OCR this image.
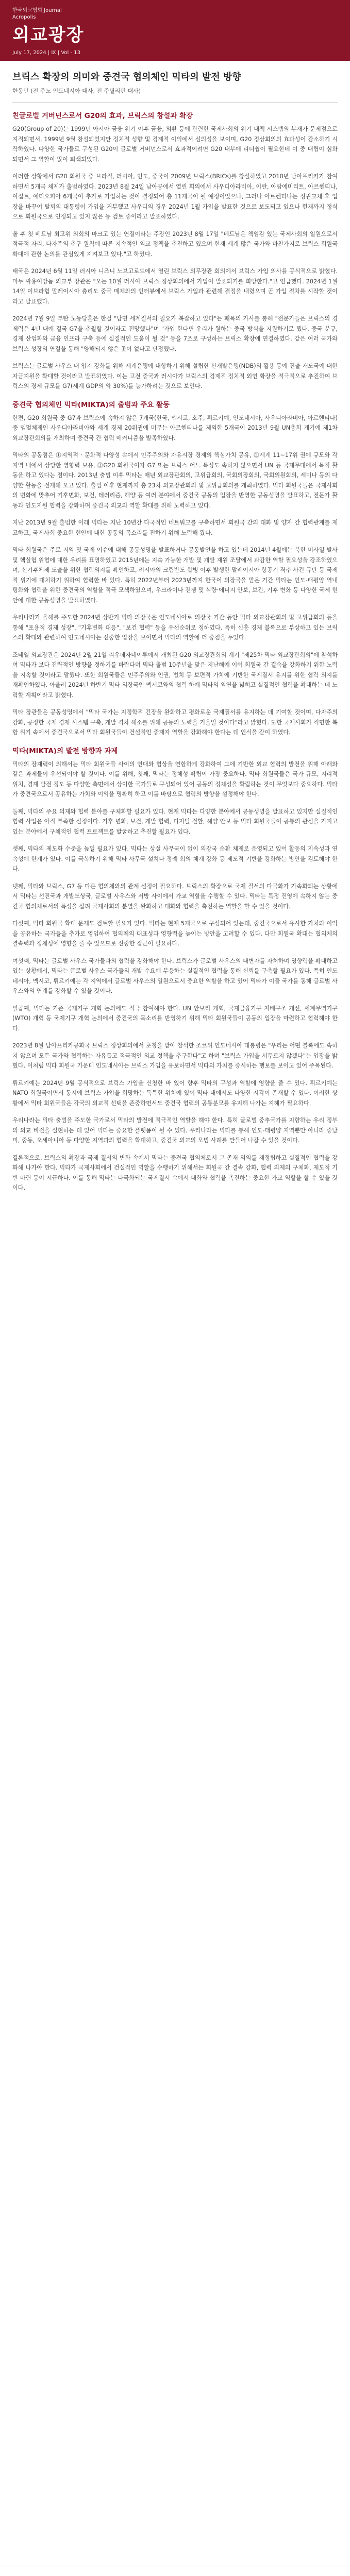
한국외교협회 Journal
Acropolis
외교광장
July 17, 2024 | Ⅸ | Vol - 13
브릭스 확장의 의미와 중견국 협의체인 믹타의 발전 방향
한동만 (전 주노 인도네시아 대사, 전 주필리핀 대사)
친글로벌 거버넌스로서 G20의 효과, 브릭스의 창설과 확장

G20(Group of 20)는 1999년 아시아 금융 위기 이후 금융, 외환 등에 관련한 국제사회의 위기 대책 시스템의 부재가 문제점으로 지적되면서, 1999년 9월 창설되었지만 정치적 성향 및 경제적 이익에서 심의성을 보이며, G20 정상회의의 효과성이 감소하기 시작하였다. 다양한 국가들로 구성된 G20이 글로벌 거버넌스로서 효과적이려면 G20 내부에 리더쉽이 필요한데 이 중 대립이 심화되면서 그 역할이 많이 퇴색되었다.

이러한 상황에서 G20 회원국 중 브라질, 러시아, 인도, 중국이 2009년 브릭스(BRICs)를 창설하였고 2010년 남아프리카가 참여하면서 5개국 체제가 출범하였다. 2023년 8월 24일 남아공에서 열린 회의에서 사우디아라비아, 이란, 아랍에미리트, 아르헨티나, 이집트, 에티오피아 6개국이 추가로 가입하는 것이 결정되어 총 11개국이 될 예정이었으나, 그러나 아르헨티나는 정권교체 후 입장을 바꾸어 탈퇴의 대통령이 가입을 거부했고 사우디의 경우 2024년 1월 가입을 발표한 것으로 보도되고 있으나 현재까지 정식으로 회원국으로 인정되고 있지 않은 등 검토 중이라고 발표하였다.

올 후 첫 베트남 최고위 의회의 마크고 있는 연결이라는 주장인 2023년 8월 17일 "베트남은 책임감 있는 국제사회의 일원으로서 적극적 자리, 다자주의 추구 원칙에 따른 지속적인 외교 정책을 추진하고 있으며 현재 세계 많은 국가와 마찬가지로 브릭스 회원국 확대에 관한 논의를 관심있게 지켜보고 있다."고 하였다.

태국은 2024년 6월 11일 러시아 니즈니 노브고로드에서 열린 브릭스 외무장관 회의에서 브릭스 가입 의사를 공식적으로 밝혔다. 마두 싸용이앙돔 외교부 장관은 "오는 10월 러시아 브릭스 정상회의에서 가입이 발표되기를 희망한다."고 언급했다. 2024년 1월 14일 이브라힘 말레이시아 총리도 중국 매체와의 인터뷰에서 브릭스 가입과 관련해 결정을 내렸으며 곧 가입 절차를 시작할 것이라고 발표했다.

2024년 7월 9일 부탄 노동당혼은 한걸 "남면 세계질서의 필요가 복잡하고 있다"는 패목의 가사를 통해 "전문가들은 브릭스의 경제력은 4년 내에 결국 G7을 추월할 것이라고 전망했다"며 "가입 한다면 우리가 원하는 중국 방식을 지원하기로 했다. 중국 분규, 경제 산업화와 금융 인프라 구축 등에 실질적인 도움이 될 것" 등을 7조로 구성하는 브릭스 확장에 연결하였다. 같은 여러 국가와 브릭스 성장의 연결을 통해 "양해되지 않은 곳이 없다고 단정했다.

브릭스는 글로벌 사우스 내 입지 강화를 위해 세계은행에 대항하기 위해 설립한 신개발은행(NDB)의 활용 등에 진출 개도국에 대한 자금지원을 확대할 것이라고 발표하였다. 이는 고전 중국과 러시아가 브릭스의 경제적 정치적 외연 확장을 적극적으로 추진하여 브릭스의 경제 규모를 G7(세계 GDP의 약 30%)를 능가하려는 것으로 보인다.

중견국 협의체인 믹타(MIKTA)의 출범과 주요 활동

한편, G20 회원국 중 G7과 브릭스에 속하지 않은 7개국(한국, 멕시코, 호주, 튀르키예, 인도네시아, 사우디아라비아, 아르헨티나) 중 멤멀체제인 사우디아라비아와 세계 경제 20위권에 머무는 아르헨티나를 제외한 5개국이 2013년 9월 UN총회 계기에 제1차 외교장관회의를 개최하며 중견국 간 협력 메커니즘을 발족하였다.

믹타의 공동점은 ⓵지역적 · 문화적 다양성 속에서 민주주의와 자유시장 경제의 핵심가치 공유, ⓶세계 11~17위 권에 규모와 각 지역 내에서 상당한 영향력 보유, ⓷G20 회원국이자 G7 또는 브릭스 어느 특성도 속하지 않으면서 UN 등 국제무대에서 목적 활동을 하고 있다는 점이다. 2013년 출범 이후 믹타는 매년 외교장관회의, 고위급회의, 국회의장회의, 국회의원회의, 세미나 등의 다양한 활동을 전개해 오고 있다. 출범 이후 현재까지 총 23차 외교장관회의 및 고위급회의를 개최하였다. 믹타 회원국들은 국제사회의 변화에 맞추어 기후변화, 보건, 테러리즘, 해양 등 여러 분야에서 중견국 공동의 입장을 반영한 공동성명을 발표하고, 전문가 활동과 인도지원 협력을 강화하며 중견국 외교의 역할 확대를 위해 노력하고 있다.

지난 2013년 9월 출범한 이래 믹타는 지난 10년간 다국적인 네트워크를 구축하면서 회원국 간의 대화 및 양자 간 협력관계를 제고하고, 국제사회 중요한 현안에 대한 공통의 목소리를 전하기 위해 노력해 왔다.

믹타 회원국은 주로 지역 및 국제 이슈에 대해 공동성명을 발표하거나 공동발언을 하고 있는데 2014년 4월에는 북한 미사일 발사 및 핵실험 위협에 대한 우려를 표명하였고 2015년에는 지속 가능한 개발 및 개발 재원 조달에서 과감한 역할 필요성을 강조하였으며, 신기후체제 도출을 위한 협력의지를 확인하고, 러시아의 크림반도 합병 이후 발생한 말레이시아 항공기 격추 사건 규탄 등 국제적 위기에 대처하기 위하여 협력한 바 있다. 특히 2022년부터 2023년까지 한국이 의장국을 맡은 기간 믹타는 인도-태평양 역내 평화와 협력을 위한 중견국의 역할을 적극 모색하였으며, 우크라이나 전쟁 및 식량·에너지 안보, 보건, 기후 변화 등 다양한 국제 현안에 대한 공동성명을 발표하였다.

우리나라가 올해를 주도한 2024년 상반기 믹타 의장국은 인도네시아로 의장국 기간 동안 믹타 외교장관회의 및 고위급회의 등을 통해 "포용적 경제 성장", "기후변화 대응", "보건 협력" 등을 우선순위로 정하였다. 특히 신흥 경제 블록으로 부상하고 있는 브릭스의 확대와 관련하여 인도네시아는 신중한 입장을 보이면서 믹타의 역할에 더 중점을 두었다.

조태열 외교장관은 2024년 2월 21일 리우데자네이루에서 개최된 G20 외교장관회의 계기 "제25차 믹타 외교장관회의"에 참석하여 믹타가 보다 전략적인 방향을 정하기를 바란다며 믹타 출범 10주년을 맞은 지난해에 이어 회원국 간 결속을 강화하기 위한 노력을 지속할 것이라고 말했다. 또한 회원국들은 민주주의와 인권, 법치 등 보편적 가치에 기반한 국제질서 유지를 위한 협력 의지를 재확인하였다. 아울러 2024년 하반기 믹타 의장국인 멕시코와의 협력 하에 믹타의 외연을 넓히고 실질적인 협력을 확대하는 데 노력할 계획이라고 밝혔다.

믹타 장관들은 공동성명에서 "믹타 국가는 지정학적 긴장을 완화하고 평화로운 국제질서를 유지하는 데 기여할 것이며, 다자주의 강화, 공정한 국제 경제 시스템 구축, 개발 격차 해소를 위해 공동의 노력을 기울일 것이다"라고 밝혔다. 또한 국제사회가 직면한 복합 위기 속에서 중견국으로서 믹타 회원국들이 건설적인 중재자 역할을 강화해야 한다는 데 인식을 같이 하였다.

믹타(MIKTA)의 발전 방향과 과제

믹타의 잠재력이 의해서는 믹타 회원국들 사이의 연대와 협상을 연합하게 강화하여 그에 기반한 외교 협력의 발전을 위해 아래와 같은 과제들이 우선되어야 할 것이다. 이를 위해, 첫째, 믹타는 정체성 확립이 가장 중요하다. 믹타 회원국들은 국가 규모, 지리적 위치, 경제 발전 정도 등 다양한 측면에서 상이한 국가들로 구성되어 있어 공동의 정체성을 확립하는 것이 무엇보다 중요하다. 믹타가 중견국으로서 공유하는 가치와 이익을 명확히 하고 이를 바탕으로 협력의 방향을 설정해야 한다.

둘째, 믹타의 주요 의제와 협력 분야를 구체화할 필요가 있다. 현재 믹타는 다양한 분야에서 공동성명을 발표하고 있지만 실질적인 협력 사업은 아직 부족한 실정이다. 기후 변화, 보건, 개발 협력, 디지털 전환, 해양 안보 등 믹타 회원국들이 공통의 관심을 가지고 있는 분야에서 구체적인 협력 프로젝트를 발굴하고 추진할 필요가 있다.

셋째, 믹타의 제도화 수준을 높일 필요가 있다. 믹타는 상설 사무국이 없이 의장국 순환 체제로 운영되고 있어 활동의 지속성과 연속성에 한계가 있다. 이를 극복하기 위해 믹타 사무국 설치나 정례 회의 체계 강화 등 제도적 기반을 강화하는 방안을 검토해야 한다.

넷째, 믹타와 브릭스, G7 등 다른 협의체와의 관계 설정이 필요하다. 브릭스의 확장으로 국제 질서의 다극화가 가속화되는 상황에서 믹타는 선진국과 개발도상국, 글로벌 사우스와 서방 사이에서 가교 역할을 수행할 수 있다. 믹타는 특정 진영에 속하지 않는 중견국 협의체로서의 특성을 살려 국제사회의 분열을 완화하고 대화와 협력을 촉진하는 역할을 할 수 있을 것이다.

다섯째, 믹타 회원국 확대 문제도 검토할 필요가 있다. 믹타는 현재 5개국으로 구성되어 있는데, 중견국으로서 유사한 가치와 이익을 공유하는 국가들을 추가로 영입하여 협의체의 대표성과 영향력을 높이는 방안을 고려할 수 있다. 다만 회원국 확대는 협의체의 결속력과 정체성에 영향을 줄 수 있으므로 신중한 접근이 필요하다.

여섯째, 믹타는 글로벌 사우스 국가들과의 협력을 강화해야 한다. 브릭스가 글로벌 사우스의 대변자를 자처하며 영향력을 확대하고 있는 상황에서, 믹타는 글로벌 사우스 국가들의 개발 수요에 부응하는 실질적인 협력을 통해 신뢰를 구축할 필요가 있다. 특히 인도네시아, 멕시코, 튀르키예는 각 지역에서 글로벌 사우스의 일원으로서 중요한 역할을 하고 있어 믹타가 이들 국가를 통해 글로벌 사우스와의 연계를 강화할 수 있을 것이다.

일곱째, 믹타는 기존 국제기구 개혁 논의에도 적극 참여해야 한다. UN 안보리 개혁, 국제금융기구 지배구조 개선, 세계무역기구(WTO) 개혁 등 국제기구 개혁 논의에서 중견국의 목소리를 반영하기 위해 믹타 회원국들이 공동의 입장을 마련하고 협력해야 한다.

2023년 8월 남아프리카공화국 브릭스 정상회의에서 초청을 받아 참석한 조코위 인도네시아 대통령은 "우리는 어떤 블록에도 속하지 않으며 모든 국가와 협력하는 자유롭고 적극적인 외교 정책을 추구한다"고 하며 "브릭스 가입을 서두르지 않겠다"는 입장을 밝혔다. 이처럼 믹타 회원국 가운데 인도네시아는 브릭스 가입을 유보하면서 믹타의 가치를 중시하는 행보를 보이고 있어 주목된다.

튀르키예는 2024년 9월 공식적으로 브릭스 가입을 신청한 바 있어 향후 믹타의 구성과 역할에 영향을 줄 수 있다. 튀르키예는 NATO 회원국이면서 동시에 브릭스 가입을 희망하는 독특한 위치에 있어 믹타 내에서도 다양한 시각이 존재할 수 있다. 이러한 상황에서 믹타 회원국들은 각국의 외교적 선택을 존중하면서도 중견국 협력의 공통분모를 유지해 나가는 지혜가 필요하다.

우리나라는 믹타 출범을 주도한 국가로서 믹타의 발전에 적극적인 역할을 해야 한다. 특히 글로벌 중추국가를 지향하는 우리 정부의 외교 비전을 실현하는 데 있어 믹타는 중요한 플랫폼이 될 수 있다. 우리나라는 믹타를 통해 인도-태평양 지역뿐만 아니라 중남미, 중동, 오세아니아 등 다양한 지역과의 협력을 확대하고, 중견국 외교의 모범 사례를 만들어 나갈 수 있을 것이다.

결론적으로, 브릭스의 확장과 국제 질서의 변화 속에서 믹타는 중견국 협의체로서 그 존재 의의를 재정립하고 실질적인 협력을 강화해 나가야 한다. 믹타가 국제사회에서 건설적인 역할을 수행하기 위해서는 회원국 간 결속 강화, 협력 의제의 구체화, 제도적 기반 마련 등이 시급하다. 이를 통해 믹타는 다극화되는 국제질서 속에서 대화와 협력을 촉진하는 중요한 가교 역할을 할 수 있을 것이다.
